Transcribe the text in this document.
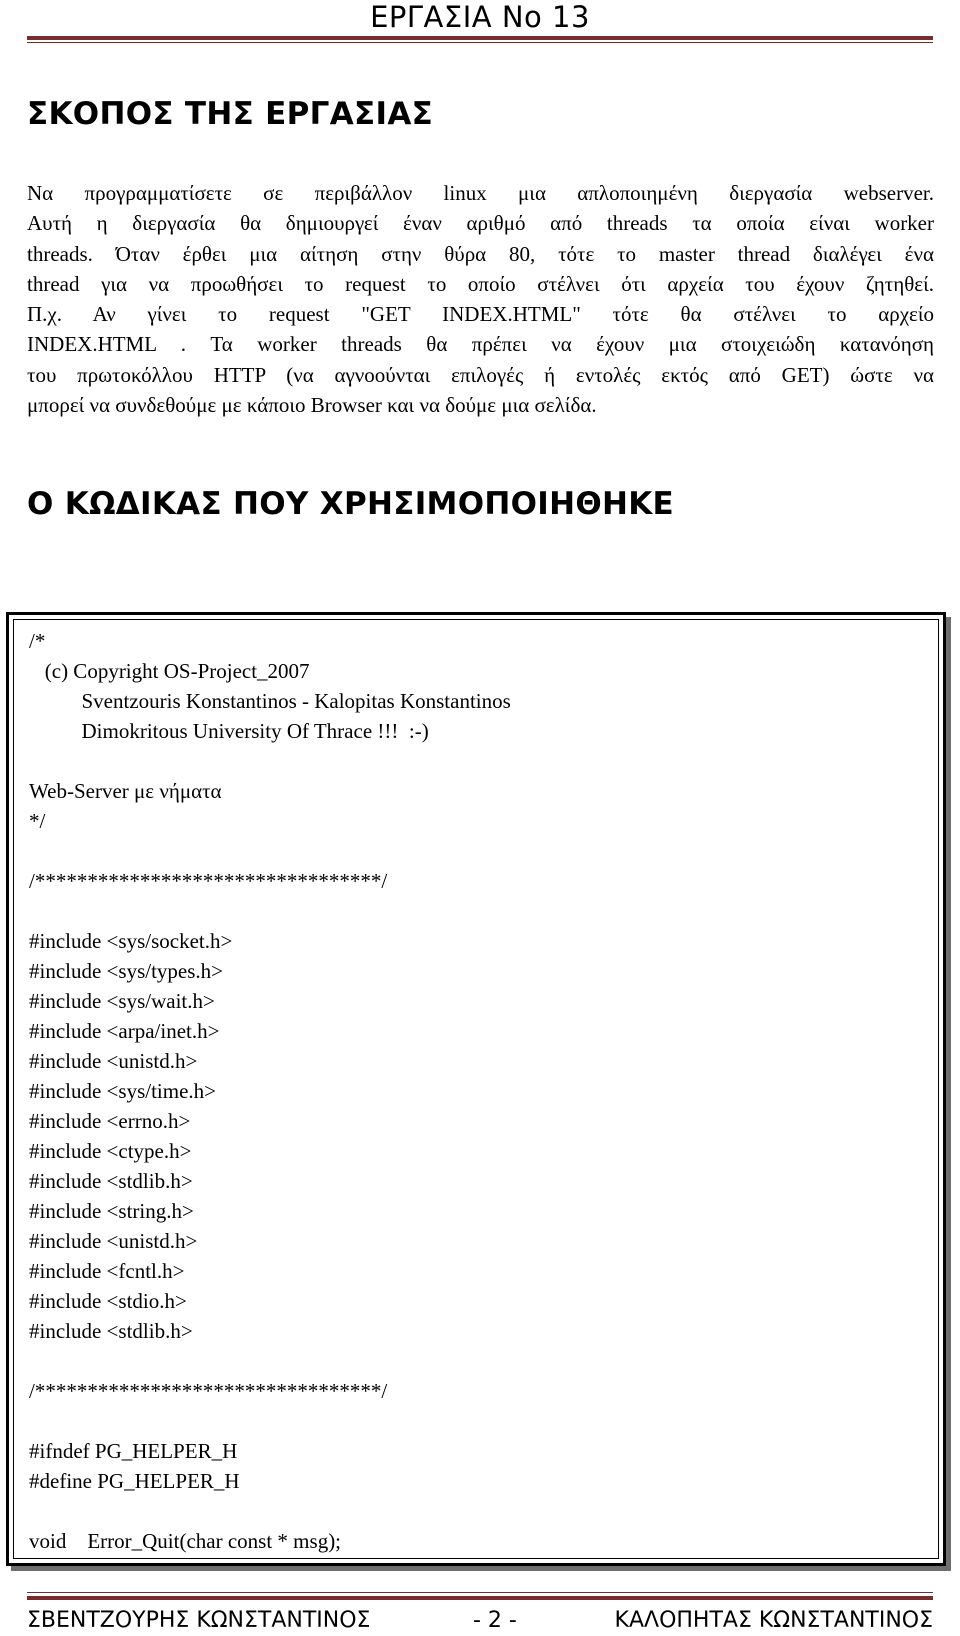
ΕΡΓΑΣΙΑ Νο 13
ΣΚΟΠΟΣ ΤΗΣ ΕΡΓΑΣΙΑΣ
Να προγραμματίσετε σε περιβάλλον linux μια απλοποιημένη διεργασία webserver.
Αυτή η διεργασία θα δημιουργεί έναν αριθμό από threads τα οποία είναι worker
threads. Όταν έρθει μια αίτηση στην θύρα 80, τότε το master thread διαλέγει ένα
thread για να προωθήσει το request το οποίο στέλνει ότι αρχεία του έχουν ζητηθεί.
Π.χ. Αν γίνει το request "GET INDEX.HTML" τότε θα στέλνει το αρχείο
INDEX.HTML . Τα worker threads θα πρέπει να έχουν μια στοιχειώδη κατανόηση
του πρωτοκόλλου HTTP (να αγνοούνται επιλογές ή εντολές εκτός από GET) ώστε να
μπορεί να συνδεθούμε με κάποιο Browser και να δούμε μια σελίδα.
Ο ΚΩΔΙΚΑΣ ΠΟΥ ΧΡΗΣΙΜΟΠΟΙΗΘΗΚΕ
/*
(c) Copyright OS-Project_2007
Sventzouris Konstantinos - Kalopitas Konstantinos
Dimokritous University Of Thrace !!!  :-)
Web-Server με νήματα
*/
/*********************************/
#include <sys/socket.h>
#include <sys/types.h>
#include <sys/wait.h>
#include <arpa/inet.h>
#include <unistd.h>
#include <sys/time.h>
#include <errno.h>
#include <ctype.h>
#include <stdlib.h>
#include <string.h>
#include <unistd.h>
#include <fcntl.h>
#include <stdio.h>
#include <stdlib.h>
/*********************************/
#ifndef PG_HELPER_H
#define PG_HELPER_H
void    Error_Quit(char const * msg);
ΣΒΕΝΤΖΟΥΡΗΣ ΚΩΝΣΤΑΝΤΙΝΟΣ	- 2 -	ΚΑΛΟΠΗΤΑΣ ΚΩΝΣΤΑΝΤΙΝΟΣ
